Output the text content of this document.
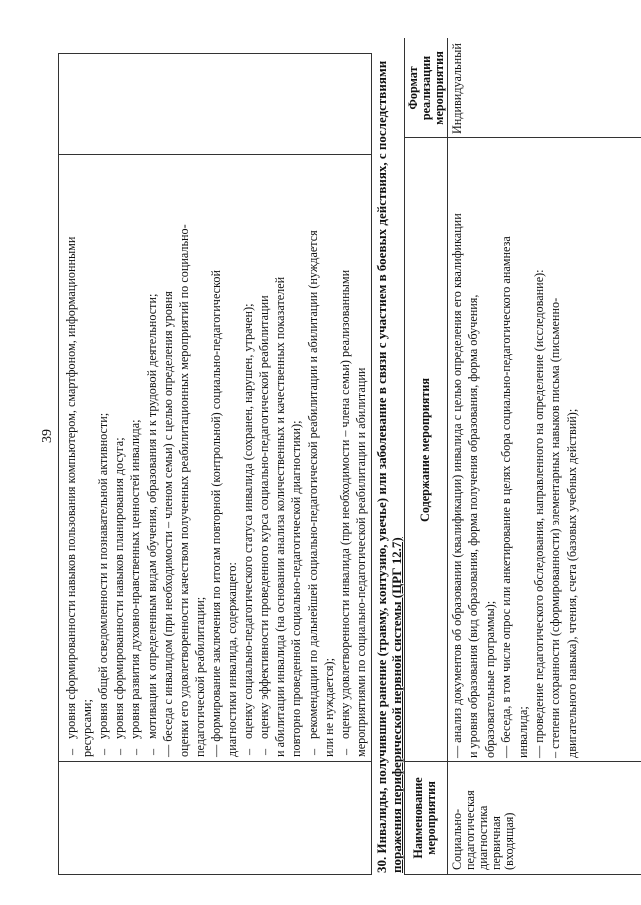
39
–
уровня сформированности навыков пользования компьютером, смартфоном, информационными ресурсами; –
уровня общей осведомленности и познавательной активности;
–
уровня сформированности навыков планирования досуга;
–
уровня развития духовно-нравственных ценностей инвалида;
–
мотивации к определенным видам обучения, образования и к трудовой деятельности; — беседа с инвалидом (при необходимости – членом семьи) с целью определения уровня оценки его удовлетворенности качеством полученных реабилитационных мероприятий по социально- педагогической реабилитации; — формирование заключения по итогам повторной (контрольной) социально-педагогической диагностики инвалида, содержащего: –
оценку социально-педагогического статуса инвалида (сохранен, нарушен, утрачен);
–
оценку эффективности проведенного курса социально-педагогической реабилитации и абилитации инвалида (на основании анализа количественных и качественных показателей повторно проведенной социально-педагогической диагностики); –
рекомендации по дальнейшей социально-педагогической реабилитации и абилитации (нуждается или не нуждается); –
оценку удовлетворенности инвалида (при необходимости – члена семьи) реализованными мероприятиями по социально-педагогической реабилитации и абилитации 30. Инвалиды, получившие ранение (травму, контузию, увечье) или заболевание в связи с участием в боевых действиях, с последствиями поражения периферической нервной системы (ЦРГ 12.7) Наименование мероприятия
Содержание мероприятия
Формат реализации мероприятия
Социально- педагогическая диагностика первичная (входящая)
— анализ документов об образовании (квалификации) инвалида с целью определения его квалификации и уровня образования (вид образования, форма получения образования, форма обучения, образовательные программы); — беседа, в том числе опрос или анкетирование в целях сбора социально-педагогического анамнеза инвалида; — проведение педагогического обследования, направленного на определение (исследование): – степени сохранности (сформированности) элементарных навыков письма (письменно- двигательного навыка), чтения, счета (базовых учебных действий);
Индивидуальный
